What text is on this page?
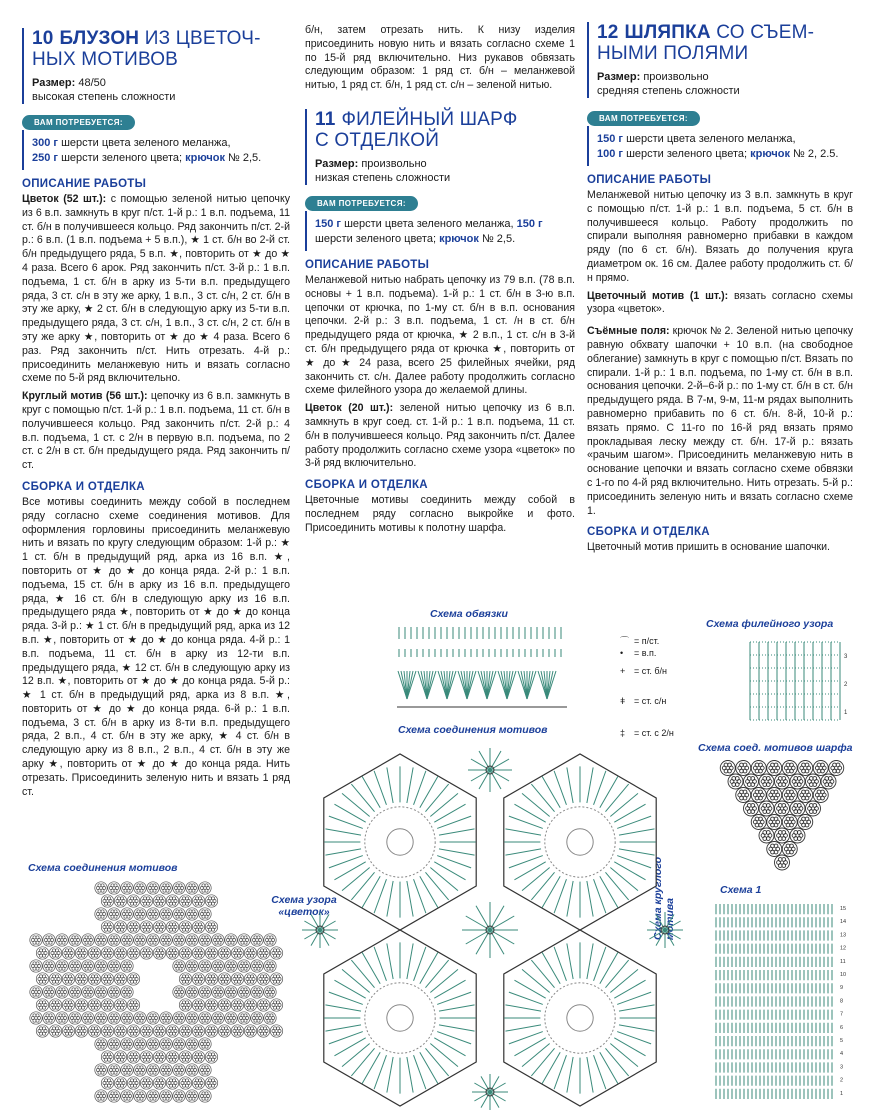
10 БЛУЗОН ИЗ ЦВЕТОЧ-
НЫХ МОТИВОВ
Размер: 48/50
высокая степень сложности
ВАМ ПОТРЕБУЕТСЯ:
300 г шерсти цвета зеленого меланжа,
250 г шерсти зеленого цвета; крючок № 2,5.
ОПИСАНИЕ РАБОТЫ

Цветок (52 шт.): с помощью зеленой нитью цепочку из 6 в.п. замкнуть в круг п/ст. 1-й р.: 1 в.п. подъема, 11 ст. б/н в получившееся кольцо. Ряд закончить п/ст. 2-й р.: 6 в.п. (1 в.п. подъема + 5 в.п.), ★ 1 ст. б/н во 2-й ст. б/н предыдущего ряда, 5 в.п. ★, повторить от ★ до ★ 4 раза. Всего 6 арок. Ряд закончить п/ст. 3-й р.: 1 в.п. подъема, 1 ст. б/н в арку из 5-ти в.п. предыдущего ряда, 3 ст. с/н в эту же арку, 1 в.п., 3 ст. с/н, 2 ст. б/н в эту же арку, ★ 2 ст. б/н в следующую арку из 5-ти в.п. предыдущего ряда, 3 ст. с/н, 1 в.п., 3 ст. с/н, 2 ст. б/н в эту же арку ★, повторить от ★ до ★ 4 раза. Всего 6 раз. Ряд закончить п/ст. Нить отрезать. 4-й р.: присоединить меланжевую нить и вязать согласно схеме по 5-й ряд включительно.

Круглый мотив (56 шт.): цепочку из 6 в.п. замкнуть в круг с помощью п/ст. 1-й р.: 1 в.п. подъема, 11 ст. б/н в получившееся кольцо. Ряд закончить п/ст. 2-й р.: 4 в.п. подъема, 1 ст. с 2/н в первую в.п. подъема, по 2 ст. с 2/н в ст. б/н предыдущего ряда. Ряд закончить п/ст.

СБОРКА И ОТДЕЛКА

Все мотивы соединить между собой в последнем ряду согласно схеме соединения мотивов. Для оформления горловины присоединить меланжевую нить и вязать по кругу следующим образом: 1-й р.: ★ 1 ст. б/н в предыдущий ряд, арка из 16 в.п. ★, повторить от ★ до ★ до конца ряда. 2-й р.: 1 в.п. подъема, 15 ст. б/н в арку из 16 в.п. предыдущего ряда, ★ 16 ст. б/н в следующую арку из 16 в.п. предыдущего ряда ★, повторить от ★ до ★ до конца ряда. 3-й р.: ★ 1 ст. б/н в предыдущий ряд, арка из 12 в.п. ★, повторить от ★ до ★ до конца ряда. 4-й р.: 1 в.п. подъема, 11 ст. б/н в арку из 12-ти в.п. предыдущего ряда, ★ 12 ст. б/н в следующую арку из 12 в.п. ★, повторить от ★ до ★ до конца ряда. 5-й р.: ★ 1 ст. б/н в предыдущий ряд, арка из 8 в.п. ★, повторить от ★ до ★ до конца ряда. 6-й р.: 1 в.п. подъема, 3 ст. б/н в арку из 8-ти в.п. предыдущего ряда, 2 в.п., 4 ст. б/н в эту же арку, ★ 4 ст. б/н в следующую арку из 8 в.п., 2 в.п., 4 ст. б/н в эту же арку ★, повторить от ★ до ★ до конца ряда. Нить отрезать. Присоединить зеленую нить и вязать 1 ряд ст.

Схема соединения мотивов

б/н, затем отрезать нить. К низу изделия присоединить новую нить и вязать согласно схеме 1 по 15-й ряд включительно. Низ рукавов обвязать следующим образом: 1 ряд ст. б/н – меланжевой нитью, 1 ряд ст. б/н, 1 ряд ст. с/н – зеленой нитью.

11 ФИЛЕЙНЫЙ ШАРФ
С ОТДЕЛКОЙ
Размер: произвольно
низкая степень сложности
ВАМ ПОТРЕБУЕТСЯ:
150 г шерсти цвета зеленого меланжа, 150 г
шерсти зеленого цвета; крючок № 2,5.
ОПИСАНИЕ РАБОТЫ

Меланжевой нитью набрать цепочку из 79 в.п. (78 в.п. основы + 1 в.п. подъема). 1-й р.: 1 ст. б/н в 3-ю в.п. цепочки от крючка, по 1-му ст. б/н в в.п. основания цепочки. 2-й р.: 3 в.п. подъема, 1 ст. /н в ст. б/н предыдущего ряда от крючка, ★ 2 в.п., 1 ст. с/н в 3-й ст. б/н предыдущего ряда от крючка ★, повторить от ★ до ★ 24 раза, всего 25 филейных ячейки, ряд закончить ст. с/н. Далее работу продолжить согласно схеме филейного узора до желаемой длины.

Цветок (20 шт.): зеленой нитью цепочку из 6 в.п. замкнуть в круг соед. ст. 1-й р.: 1 в.п. подъема, 11 ст. б/н в получившееся кольцо. Ряд закончить п/ст. Далее работу продолжить согласно схеме узора «цветок» по 3-й ряд включительно.

СБОРКА И ОТДЕЛКА

Цветочные мотивы соединить между собой в последнем ряду согласно выкройке и фото. Присоединить мотивы к полотну шарфа.

Схема обвязки
Схема соединения мотивов
Схема узора
«цветок»	Схема круглого
мотива
12 ШЛЯПКА СО СЪЕМ-
НЫМИ ПОЛЯМИ
Размер: произвольно
средняя степень сложности
ВАМ ПОТРЕБУЕТСЯ:
150 г шерсти цвета зеленого меланжа,
100 г шерсти зеленого цвета; крючок № 2, 2.5.
ОПИСАНИЕ РАБОТЫ

Меланжевой нитью цепочку из 3 в.п. замкнуть в круг с помощью п/ст. 1-й р.: 1 в.п. подъема, 5 ст. б/н в получившееся кольцо. Работу продолжить по спирали выполняя равномерно прибавки в каждом ряду (по 6 ст. б/н). Вязать до получения круга диаметром ок. 16 см. Далее работу продолжить ст. б/н прямо.

Цветочный мотив (1 шт.): вязать согласно схемы узора «цветок».

Съёмные поля: крючок № 2. Зеленой нитью цепочку равную обхвату шапочки + 10 в.п. (на свободное облегание) замкнуть в круг с помощью п/ст. Вязать по спирали. 1-й р.: 1 в.п. подъема, по 1-му ст. б/н в в.п. основания цепочки. 2-й–6-й р.: по 1-му ст. б/н в ст. б/н предыдущего ряда. В 7-м, 9-м, 11-м рядах выполнить равномерно прибавить по 6 ст. б/н. 8-й, 10-й р.: вязать прямо. С 11-го по 16-й ряд вязать прямо прокладывая леску между ст. б/н. 17-й р.: вязать «рачьим шагом». Присоединить меланжевую нить в основание цепочки и вязать согласно схеме обвязки с 1-го по 4-й ряд включительно. Нить отрезать. 5-й р.: присоединить зеленую нить и вязать согласно схеме 1.

СБОРКА И ОТДЕЛКА

Цветочный мотив пришить в основание шапочки.

⌒ = п/ст.
• = в.п.
+ = ст. б/н
ǂ = ст. с/н
‡ = ст. с 2/н
Схема филейного узора
3
2
1
Схема соед. мотивов шарфа
Схема 1
15
14
13
12
11
10
9
8
7
6
5
4
3
2
1
